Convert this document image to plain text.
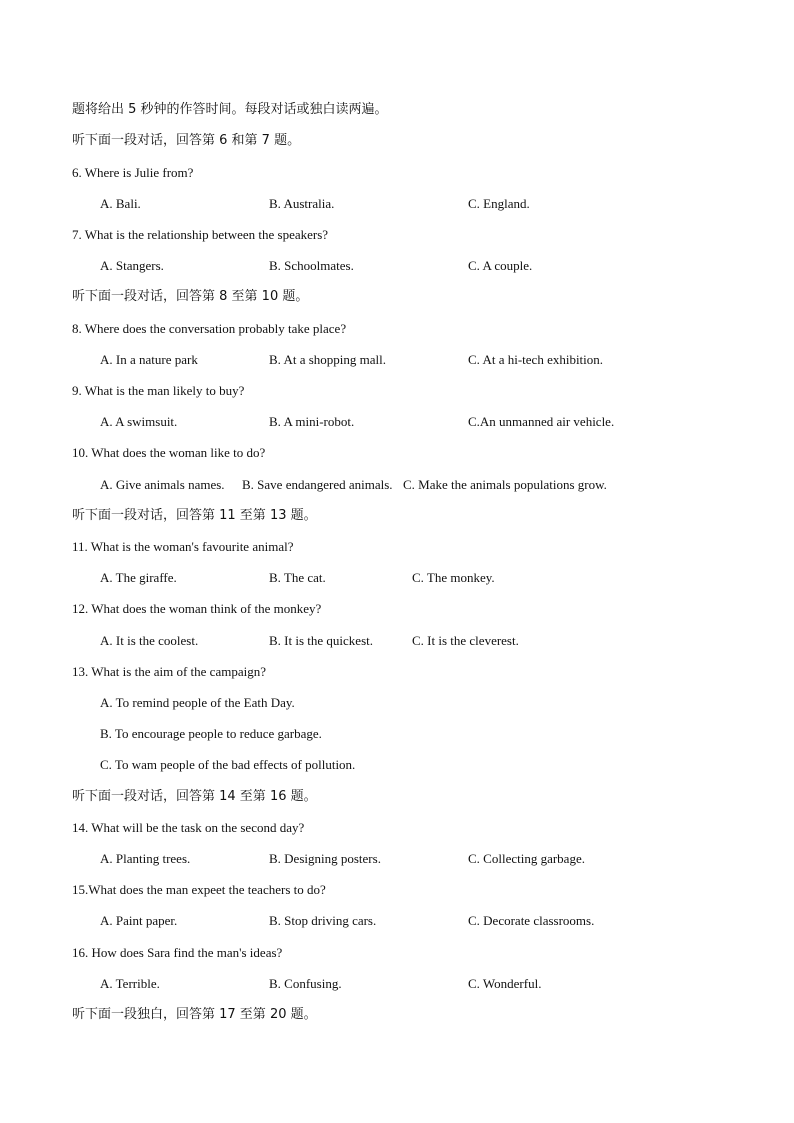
题将给出 5 秒钟的作答时间。每段对话或独白读两遍。
听下面一段对话，回答第 6 和第 7 题。
6. Where is Julie from?
A. Bali.	B. Australia.	C. England.
7. What is the relationship between the speakers?
A. Stangers.	B. Schoolmates.	C. A couple.
听下面一段对话，回答第 8 至第 10 题。
8. Where does the conversation probably take place?
A. In a nature park	B. At a shopping mall.	C. At a hi-tech exhibition.
9. What is the man likely to buy?
A. A swimsuit.	B. A mini-robot.	C.An unmanned air vehicle.
10. What does the woman like to do?
A. Give animals names. B. Save endangered animals. C. Make the animals populations grow.
听下面一段对话，回答第 11 至第 13 题。
11. What is the woman's favourite animal?
A. The giraffe.	B. The cat.	C. The monkey.
12. What does the woman think of the monkey?
A. It is the coolest.	B. It is the quickest.	C. It is the cleverest.
13. What is the aim of the campaign?
A. To remind people of the Eath Day.
B. To encourage people to reduce garbage.
C. To wam people of the bad effects of pollution.
听下面一段对话，回答第 14 至第 16 题。
14. What will be the task on the second day?
A. Planting trees.	B. Designing posters.	C. Collecting garbage.
15.What does the man expeet the teachers to do?
A. Paint paper.	B. Stop driving cars.	C. Decorate classrooms.
16. How does Sara find the man's ideas?
A. Terrible.	B. Confusing.	C. Wonderful.
听下面一段独白，回答第 17 至第 20 题。
